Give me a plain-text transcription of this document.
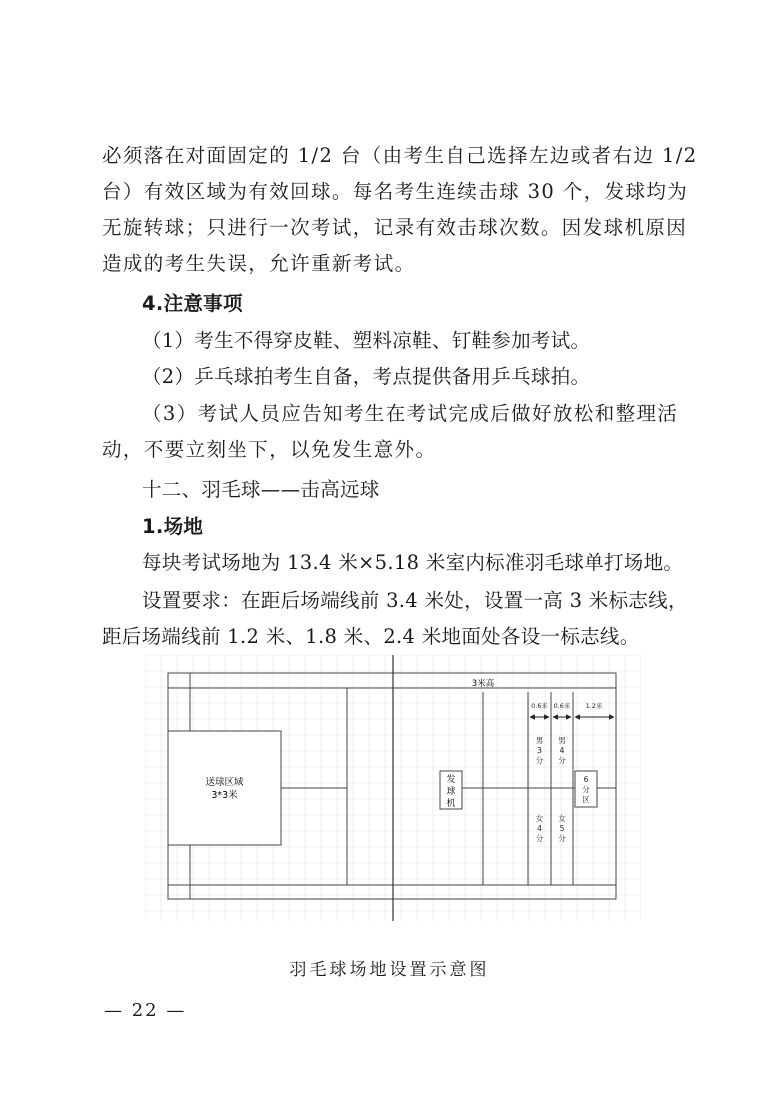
必须落在对面固定的 1/2 台（由考生自己选择左边或者右边 1/2
台）有效区域为有效回球。每名考生连续击球 30 个，发球均为
无旋转球；只进行一次考试，记录有效击球次数。因发球机原因
造成的考生失误，允许重新考试。
4.注意事项
（1）考生不得穿皮鞋、塑料凉鞋、钉鞋参加考试。
（2）乒乓球拍考生自备，考点提供备用乒乓球拍。
（3）考试人员应告知考生在考试完成后做好放松和整理活
动，不要立刻坐下，以免发生意外。
十二、羽毛球——击高远球
1.场地
每块考试场地为 13.4 米×5.18 米室内标准羽毛球单打场地。
设置要求：在距后场端线前 3.4 米处，设置一高 3 米标志线，
距后场端线前 1.2 米、1.8 米、2.4 米地面处各设一标志线。
送球区域
3*3米
发
球
机
3米高
0.6米 0.6米 1.2米
男
3
分
男
4
分
女
4
分
女
5
分
6
分
区
羽毛球场地设置示意图
— 22 —
